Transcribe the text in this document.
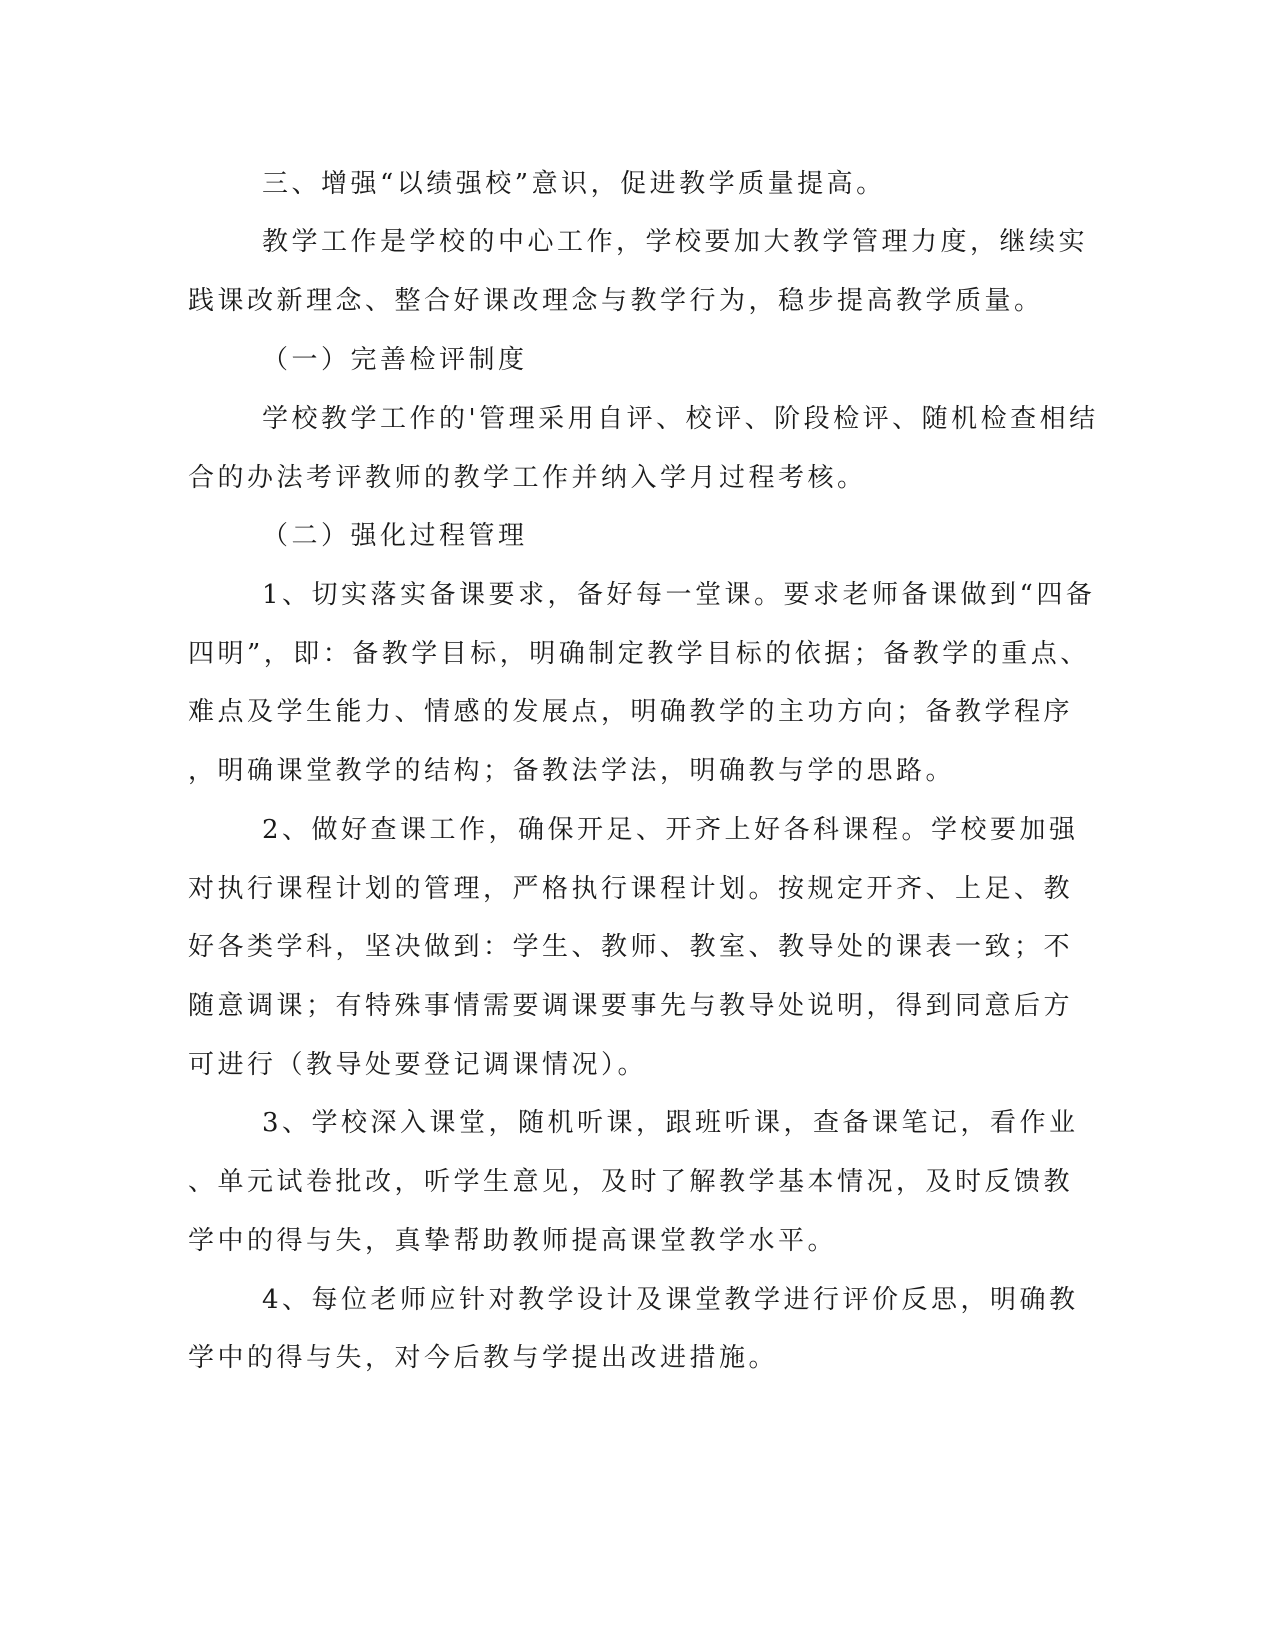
三、增强“以绩强校”意识，促进教学质量提高。
教学工作是学校的中心工作，学校要加大教学管理力度，继续实
践课改新理念、整合好课改理念与教学行为，稳步提高教学质量。
（一）完善检评制度
学校教学工作的'管理采用自评、校评、阶段检评、随机检查相结
合的办法考评教师的教学工作并纳入学月过程考核。
（二）强化过程管理
1、切实落实备课要求，备好每一堂课。要求老师备课做到“四备
四明”，即：备教学目标，明确制定教学目标的依据；备教学的重点、
难点及学生能力、情感的发展点，明确教学的主功方向；备教学程序
，明确课堂教学的结构；备教法学法，明确教与学的思路。
2、做好查课工作，确保开足、开齐上好各科课程。学校要加强
对执行课程计划的管理，严格执行课程计划。按规定开齐、上足、教
好各类学科，坚决做到：学生、教师、教室、教导处的课表一致；不
随意调课；有特殊事情需要调课要事先与教导处说明，得到同意后方
可进行（教导处要登记调课情况）。
3、学校深入课堂，随机听课，跟班听课，查备课笔记，看作业
、单元试卷批改，听学生意见，及时了解教学基本情况，及时反馈教
学中的得与失，真挚帮助教师提高课堂教学水平。
4、每位老师应针对教学设计及课堂教学进行评价反思，明确教
学中的得与失，对今后教与学提出改进措施。
